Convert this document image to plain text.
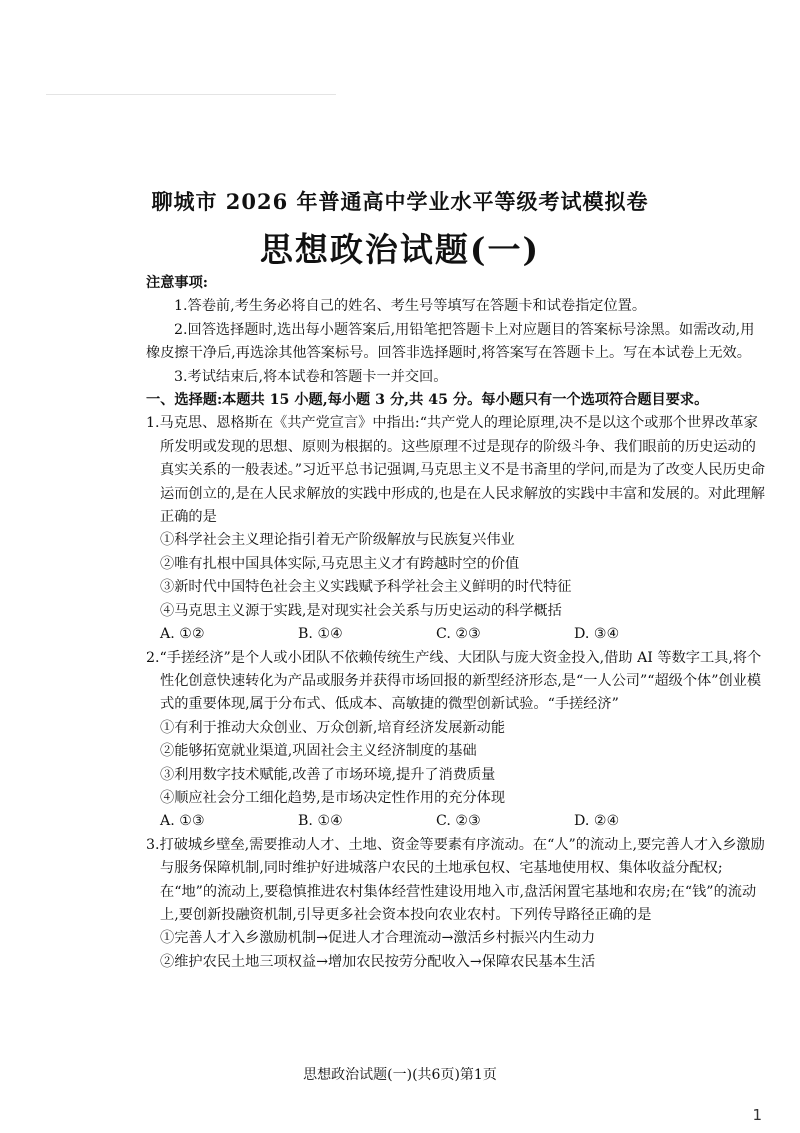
聊城市 2026 年普通高中学业水平等级考试模拟卷
思想政治试题(一)
注意事项:

1.答卷前,考生务必将自己的姓名、考生号等填写在答题卡和试卷指定位置。

2.回答选择题时,选出每小题答案后,用铅笔把答题卡上对应题目的答案标号涂黑。如需改动,用橡皮擦干净后,再选涂其他答案标号。回答非选择题时,将答案写在答题卡上。写在本试卷上无效。

3.考试结束后,将本试卷和答题卡一并交回。

一、选择题:本题共 15 小题,每小题 3 分,共 45 分。每小题只有一个选项符合题目要求。

1.马克思、恩格斯在《共产党宣言》中指出:“共产党人的理论原理,决不是以这个或那个世界改革家所发明或发现的思想、原则为根据的。这些原理不过是现存的阶级斗争、我们眼前的历史运动的真实关系的一般表述。”习近平总书记强调,马克思主义不是书斋里的学问,而是为了改变人民历史命运而创立的,是在人民求解放的实践中形成的,也是在人民求解放的实践中丰富和发展的。对此理解正确的是

①科学社会主义理论指引着无产阶级解放与民族复兴伟业

②唯有扎根中国具体实际,马克思主义才有跨越时空的价值

③新时代中国特色社会主义实践赋予科学社会主义鲜明的时代特征

④马克思主义源于实践,是对现实社会关系与历史运动的科学概括

A. ①②	B. ①④	C. ②③	D. ③④

2.“手搓经济”是个人或小团队不依赖传统生产线、大团队与庞大资金投入,借助 AI 等数字工具,将个性化创意快速转化为产品或服务并获得市场回报的新型经济形态,是“一人公司”“超级个体”创业模式的重要体现,属于分布式、低成本、高敏捷的微型创新试验。“手搓经济”

①有利于推动大众创业、万众创新,培育经济发展新动能

②能够拓宽就业渠道,巩固社会主义经济制度的基础

③利用数字技术赋能,改善了市场环境,提升了消费质量

④顺应社会分工细化趋势,是市场决定性作用的充分体现

A. ①③	B. ①④	C. ②③	D. ②④

3.打破城乡壁垒,需要推动人才、土地、资金等要素有序流动。在“人”的流动上,要完善人才入乡激励与服务保障机制,同时维护好进城落户农民的土地承包权、宅基地使用权、集体收益分配权;在“地”的流动上,要稳慎推进农村集体经营性建设用地入市,盘活闲置宅基地和农房;在“钱”的流动上,要创新投融资机制,引导更多社会资本投向农业农村。下列传导路径正确的是

①完善人才入乡激励机制→促进人才合理流动→激活乡村振兴内生动力

②维护农民土地三项权益→增加农民按劳分配收入→保障农民基本生活

思想政治试题(一)(共6页)第1页
1
